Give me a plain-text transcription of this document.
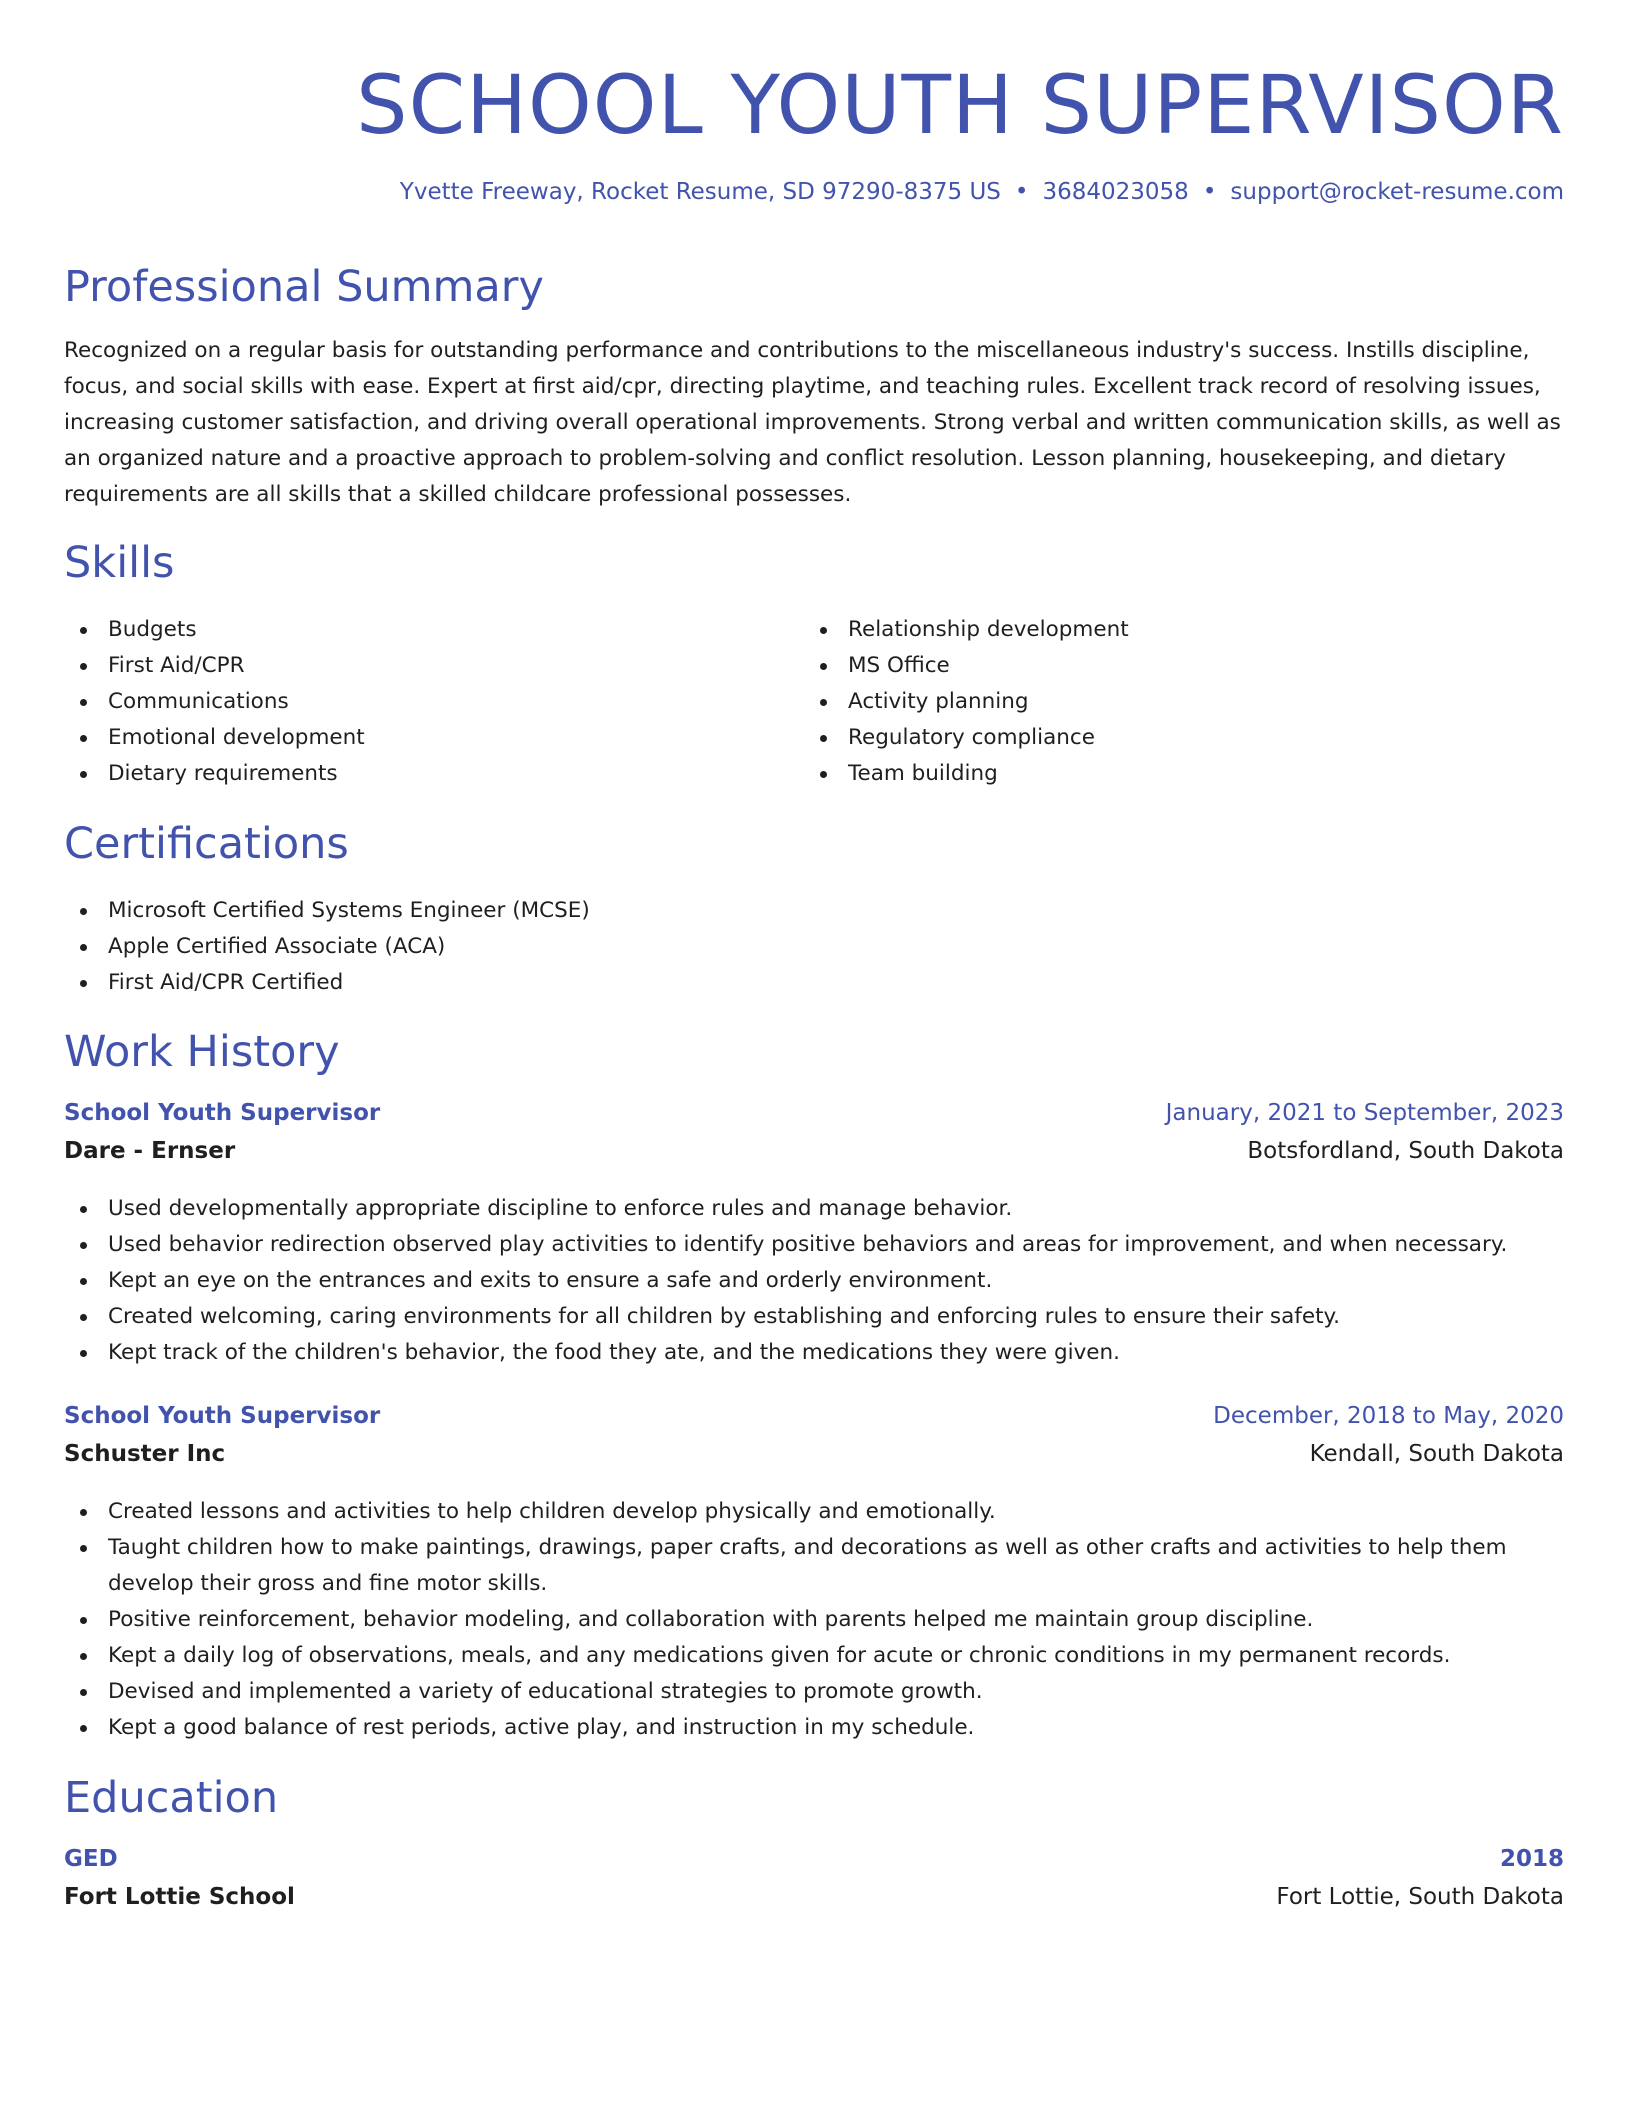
SCHOOL YOUTH SUPERVISOR
Yvette Freeway, Rocket Resume, SD 97290-8375 US • 3684023058 • support@rocket-resume.com
Professional Summary

Recognized on a regular basis for outstanding performance and contributions to the miscellaneous industry's success. Instills discipline, focus, and social skills with ease. Expert at first aid/cpr, directing playtime, and teaching rules. Excellent track record of resolving issues, increasing customer satisfaction, and driving overall operational improvements. Strong verbal and written communication skills, as well as an organized nature and a proactive approach to problem-solving and conflict resolution. Lesson planning, housekeeping, and dietary requirements are all skills that a skilled childcare professional possesses.

Skills
Budgets
First Aid/CPR
Communications
Emotional development
Dietary requirements
Relationship development
MS Office
Activity planning
Regulatory compliance
Team building
Certifications
Microsoft Certified Systems Engineer (MCSE)
Apple Certified Associate (ACA)
First Aid/CPR Certified
Work History
School Youth Supervisor	January, 2021 to September, 2023
Dare - Ernser	Botsfordland, South Dakota
Used developmentally appropriate discipline to enforce rules and manage behavior.
Used behavior redirection observed play activities to identify positive behaviors and areas for improvement, and when necessary.
Kept an eye on the entrances and exits to ensure a safe and orderly environment.
Created welcoming, caring environments for all children by establishing and enforcing rules to ensure their safety.
Kept track of the children's behavior, the food they ate, and the medications they were given.
School Youth Supervisor	December, 2018 to May, 2020
Schuster Inc	Kendall, South Dakota
Created lessons and activities to help children develop physically and emotionally.
Taught children how to make paintings, drawings, paper crafts, and decorations as well as other crafts and activities to help them develop their gross and fine motor skills.
Positive reinforcement, behavior modeling, and collaboration with parents helped me maintain group discipline.
Kept a daily log of observations, meals, and any medications given for acute or chronic conditions in my permanent records.
Devised and implemented a variety of educational strategies to promote growth.
Kept a good balance of rest periods, active play, and instruction in my schedule.
Education
GED	2018
Fort Lottie School	Fort Lottie, South Dakota
